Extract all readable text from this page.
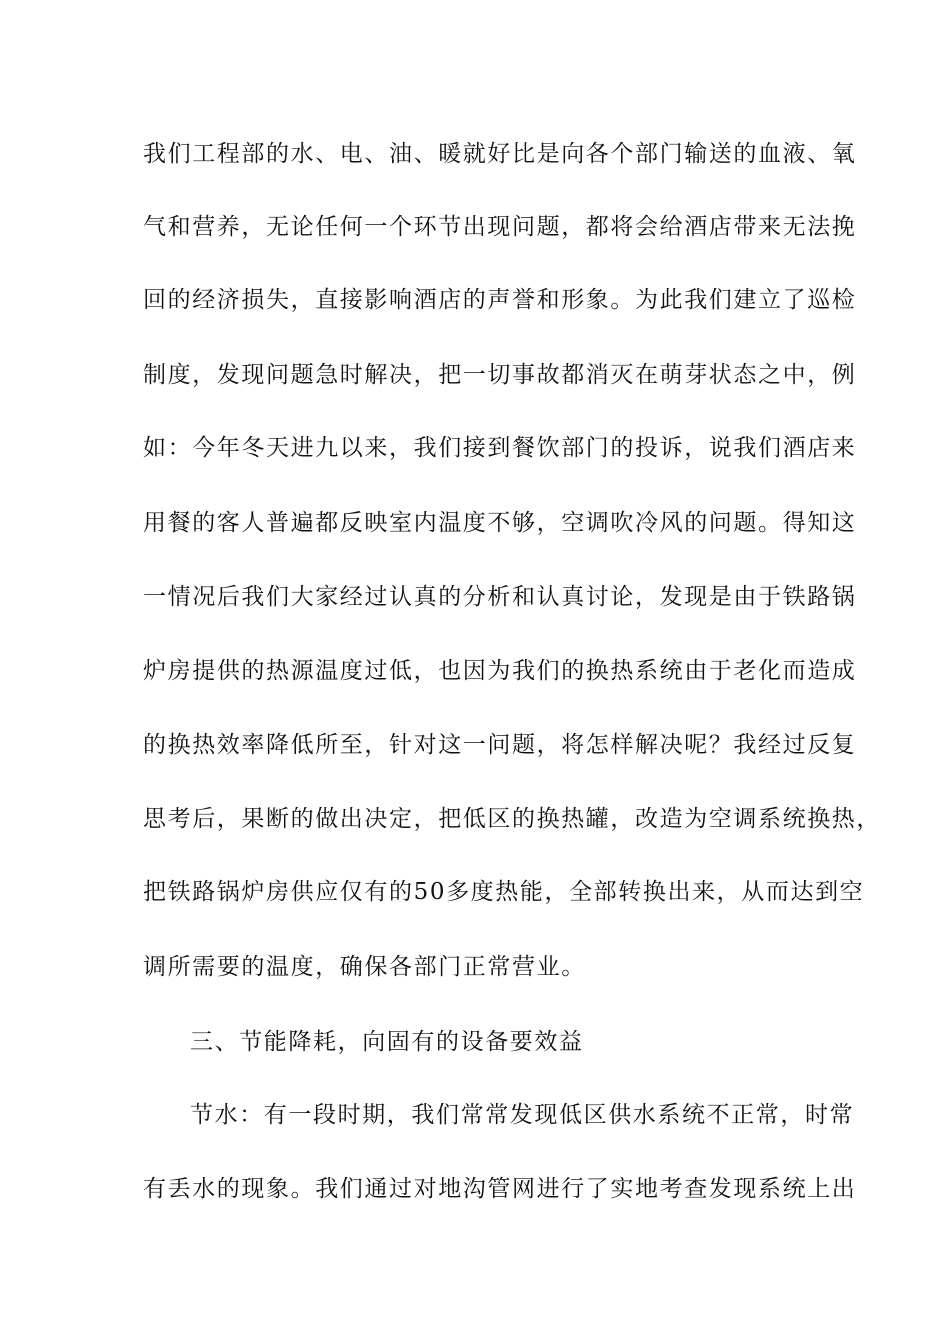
我们工程部的水、电、油、暖就好比是向各个部门输送的血液、氧
气和营养，无论任何一个环节出现问题，都将会给酒店带来无法挽
回的经济损失，直接影响酒店的声誉和形象。为此我们建立了巡检
制度，发现问题急时解决，把一切事故都消灭在萌芽状态之中，例
如：今年冬天进九以来，我们接到餐饮部门的投诉，说我们酒店来
用餐的客人普遍都反映室内温度不够，空调吹冷风的问题。得知这
一情况后我们大家经过认真的分析和认真讨论，发现是由于铁路锅
炉房提供的热源温度过低，也因为我们的换热系统由于老化而造成
的换热效率降低所至，针对这一问题，将怎样解决呢？我经过反复
思考后，果断的做出决定，把低区的换热罐，改造为空调系统换热，
把铁路锅炉房供应仅有的50多度热能，全部转换出来，从而达到空
调所需要的温度，确保各部门正常营业。
三、节能降耗，向固有的设备要效益
节水：有一段时期，我们常常发现低区供水系统不正常，时常
有丢水的现象。我们通过对地沟管网进行了实地考查发现系统上出
